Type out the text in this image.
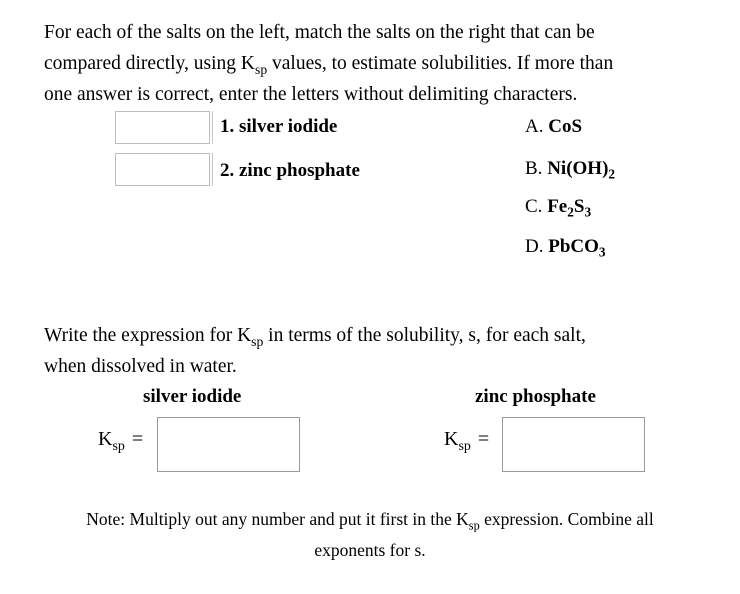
For each of the salts on the left, match the salts on the right that can be
compared directly, using $K_{sp}$ values, to estimate solubilities. If more than
one answer is correct, enter the letters without delimiting characters.
1. silver iodide
2. zinc phosphate
A. CoS
B. $Ni(OH)_2$
C. $Fe_2S_3$
D. PbCO$_3$
Write the expression for $K_{sp}$ in terms of the solubility, s, for each salt,
when dissolved in water.
silver iodide	zinc phosphate
$K_{sp}$ =	$K_{sp}$ =
Note: Multiply out any number and put it first in the $K_{sp}$ expression. Combine all
exponents for s.
